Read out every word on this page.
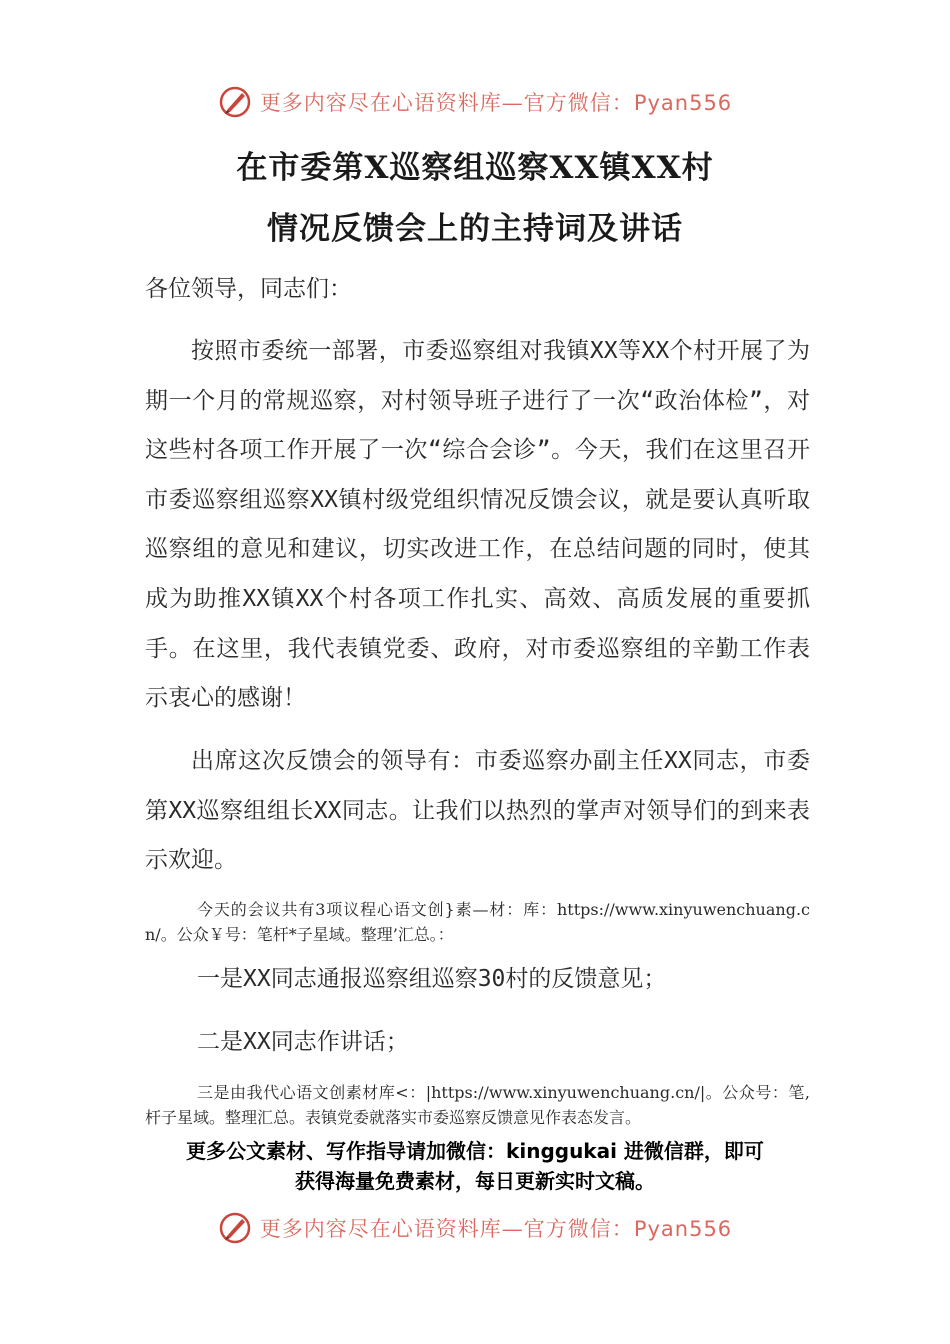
更多内容尽在心语资料库—官方微信：Pyan556
在市委第X巡察组巡察XX镇XX村
情况反馈会上的主持词及讲话
各位领导，同志们：
按照市委统一部署，市委巡察组对我镇XX等XX个村开展了为期一个月的常规巡察，对村领导班子进行了一次“政治体检”，对这些村各项工作开展了一次“综合会诊”。今天，我们在这里召开市委巡察组巡察XX镇村级党组织情况反馈会议，就是要认真听取巡察组的意见和建议，切实改进工作，在总结问题的同时，使其成为助推XX镇XX个村各项工作扎实、高效、高质发展的重要抓手。在这里，我代表镇党委、政府，对市委巡察组的辛勤工作表示衷心的感谢！
出席这次反馈会的领导有：市委巡察办副主任XX同志，市委第XX巡察组组长XX同志。让我们以热烈的掌声对领导们的到来表示欢迎。
今天的会议共有3项议程心语文创}素—材：库：https://www.xinyuwenchuang.cn/。公众￥号：笔杆*子星域。整理’汇总。：
一是XX同志通报巡察组巡察30村的反馈意见；
二是XX同志作讲话；
三是由我代心语文创素材库<：|https://www.xinyuwenchuang.cn/|。公众号：笔,杆子星域。整理汇总。表镇党委就落实市委巡察反馈意见作表态发言。
更多公文素材、写作指导请加微信：kinggukai 进微信群，即可
获得海量免费素材，每日更新实时文稿。
更多内容尽在心语资料库—官方微信：Pyan556
